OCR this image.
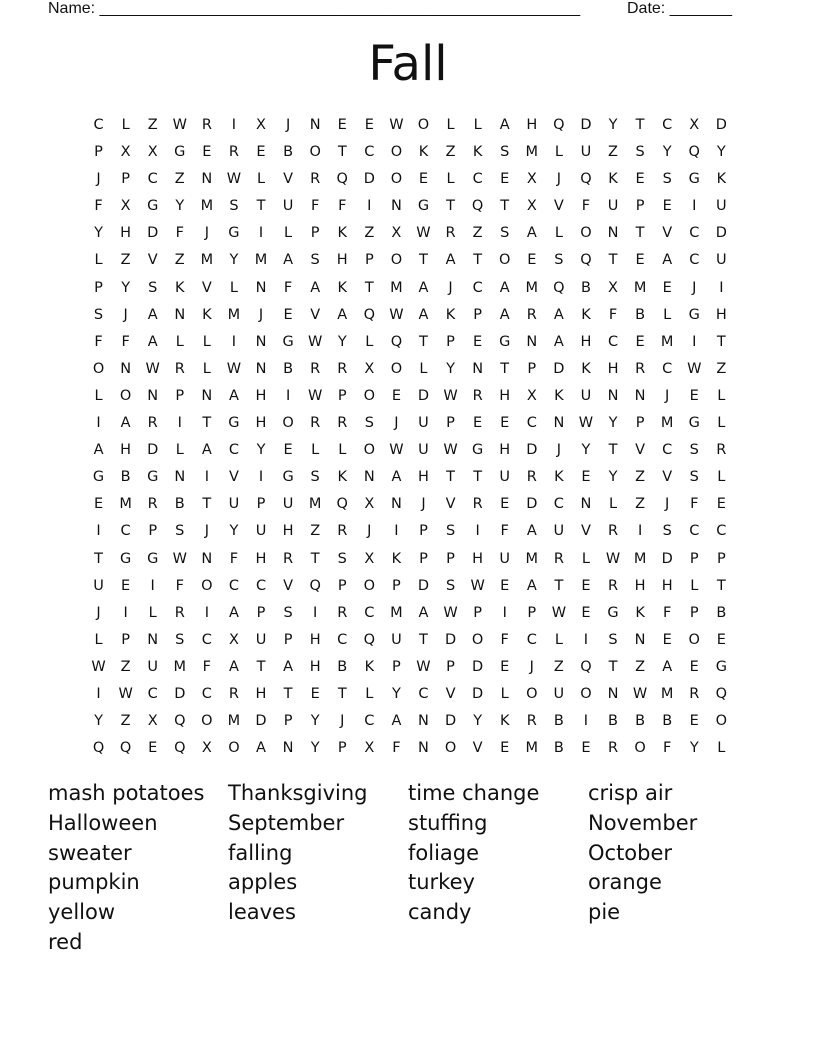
Name: ______________________________________________________	Date: _______
Fall
C	L	Z	W	R	I	X	J	N	E	E	W O	L	L	A	H	Q	D	Y	T	C	X	D
P	X	X	G	E	R	E	B	O	T	C	O	K	Z	K	S	M	L	U	Z	S	Y	Q	Y
J	P	C	Z	N W	L	V	R	Q	D	O	E	L	C	E	X	J	Q	K	E	S	G	K
F	X	G	Y	M	S	T	U	F	F	I	N	G	T	Q	T	X	V	F	U	P	E	I	U
Y	H	D	F	J	G	I	L	P	K	Z	X	W	R	Z	S	A	L	O	N	T	V	C	D
L	Z	V	Z	M	Y	M	A	S	H	P	O	T	A	T	O	E	S	Q	T	E	A	C	U
P	Y	S	K	V	L	N	F	A	K	T	M	A	J	C	A	M	Q	B	X	M	E	J	I
S	J	A	N	K	M	J	E	V	A	Q W	A	K	P	A	R	A	K	F	B	L	G	H
F	F	A	L	L	I	N	G W	Y	L	Q	T	P	E	G	N	A	H	C	E	M	I	T
O	N W	R	L	W N	B	R	R	X	O	L	Y	N	T	P	D	K	H	R	C	W	Z
L	O	N	P	N	A	H	I	W	P	O	E	D W	R	H	X	K	U	N	N	J	E	L
I	A	R	I	T	G	H	O	R	R	S	J	U	P	E	E	C	N W	Y	P	M	G	L
A	H	D	L	A	C	Y	E	L	L	O W	U	W G	H	D	J	Y	T	V	C	S	R
G	B	G	N	I	V	I	G	S	K	N	A	H	T	T	U	R	K	E	Y	Z	V	S	L
E	M	R	B	T	U	P	U	M	Q	X	N	J	V	R	E	D	C	N	L	Z	J	F	E
I	C	P	S	J	Y	U	H	Z	R	J	I	P	S	I	F	A	U	V	R	I	S	C	C
T	G	G W N	F	H	R	T	S	X	K	P	P	H	U	M	R	L	W M	D	P	P
U	E	I	F	O	C	C	V	Q	P	O	P	D	S	W	E	A	T	E	R	H	H	L	T
J	I	L	R	I	A	P	S	I	R	C	M	A	W	P	I	P	W	E	G	K	F	P	B
L	P	N	S	C	X	U	P	H	C	Q	U	T	D	O	F	C	L	I	S	N	E	O	E
W	Z	U	M	F	A	T	A	H	B	K	P	W	P	D	E	J	Z	Q	T	Z	A	E	G
I	W	C	D	C	R	H	T	E	T	L	Y	C	V	D	L	O	U	O	N W M	R	Q
Y	Z	X	Q	O	M	D	P	Y	J	C	A	N	D	Y	K	R	B	I	B	B	B	E	O
Q	Q	E	Q	X	O	A	N	Y	P	X	F	N	O	V	E	M	B	E	R	O	F	Y	L
mash potatoes	Thanksgiving	time change	crisp air
Halloween	September	stuffing	November
sweater	falling	foliage	October
pumpkin	apples	turkey	orange
yellow	leaves	candy	pie
red
